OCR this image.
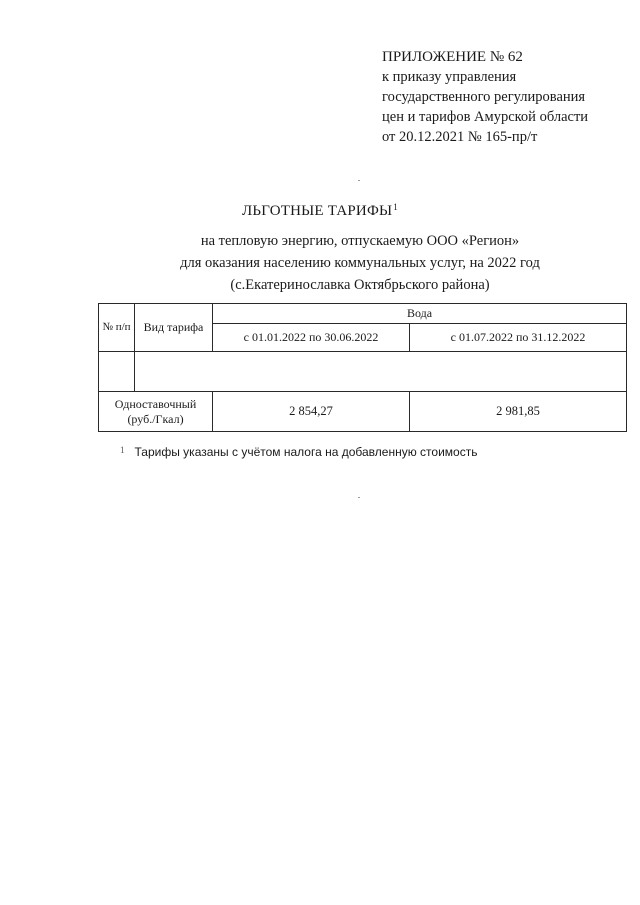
ПРИЛОЖЕНИЕ № 62
к приказу управления
государственного регулирования
цен и тарифов Амурской области
от 20.12.2021 № 165-пр/т
ЛЬГОТНЫЕ ТАРИФЫ$^1$
на тепловую энергию, отпускаемую ООО «Регион»
для оказания населению коммунальных услуг, на 2022 год
(с.Екатеринославка Октябрьского района)
№ п/п	Вид тарифа	Вода	
		с 01.01.2022 по 30.06.2022	с 01.07.2022 по 31.12.2022

Одноставочный (руб./Гкал)		2 854,27	2 981,85
$^1$ Тарифы указаны с учётом налога на добавленную стоимость
